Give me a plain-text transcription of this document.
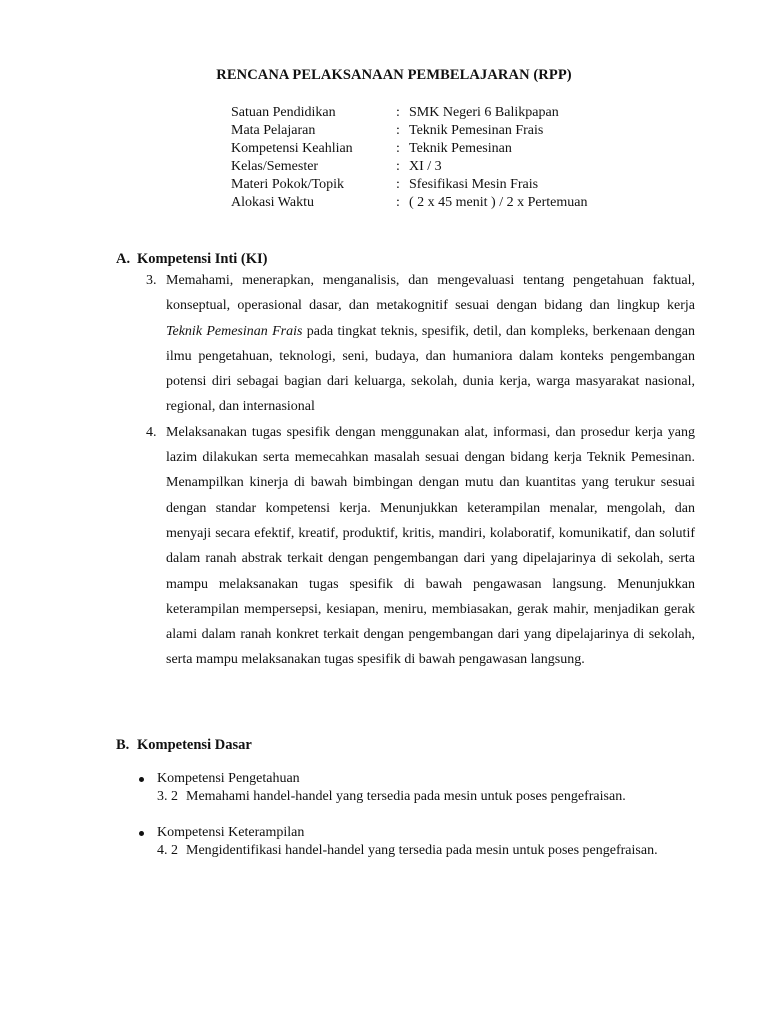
RENCANA PELAKSANAAN PEMBELAJARAN (RPP)
Satuan Pendidikan	: SMK Negeri 6 Balikpapan
Mata Pelajaran	: Teknik Pemesinan Frais
Kompetensi Keahlian	: Teknik Pemesinan
Kelas/Semester	: XI / 3
Materi Pokok/Topik	: Sfesifikasi Mesin Frais
Alokasi Waktu	: ( 2 x 45 menit ) / 2 x Pertemuan
A. Kompetensi Inti (KI)
3. Memahami, menerapkan, menganalisis, dan mengevaluasi tentang pengetahuan faktual, konseptual, operasional dasar, dan metakognitif sesuai dengan bidang dan lingkup kerja Teknik Pemesinan Frais pada tingkat teknis, spesifik, detil, dan kompleks, berkenaan dengan ilmu pengetahuan, teknologi, seni, budaya, dan humaniora dalam konteks pengembangan potensi diri sebagai bagian dari keluarga, sekolah, dunia kerja, warga masyarakat nasional, regional, dan internasional
4. Melaksanakan tugas spesifik dengan menggunakan alat, informasi, dan prosedur kerja yang lazim dilakukan serta memecahkan masalah sesuai dengan bidang kerja Teknik Pemesinan. Menampilkan kinerja di bawah bimbingan dengan mutu dan kuantitas yang terukur sesuai dengan standar kompetensi kerja. Menunjukkan keterampilan menalar, mengolah, dan menyaji secara efektif, kreatif, produktif, kritis, mandiri, kolaboratif, komunikatif, dan solutif dalam ranah abstrak terkait dengan pengembangan dari yang dipelajarinya di sekolah, serta mampu melaksanakan tugas spesifik di bawah pengawasan langsung. Menunjukkan keterampilan mempersepsi, kesiapan, meniru, membiasakan, gerak mahir, menjadikan gerak alami dalam ranah konkret terkait dengan pengembangan dari yang dipelajarinya di sekolah, serta mampu melaksanakan tugas spesifik di bawah pengawasan langsung.
B. Kompetensi Dasar
Kompetensi Pengetahuan
3. 2 Memahami handel-handel yang tersedia pada mesin untuk poses pengefraisan.
Kompetensi Keterampilan
4. 2 Mengidentifikasi handel-handel yang tersedia pada mesin untuk poses pengefraisan.
